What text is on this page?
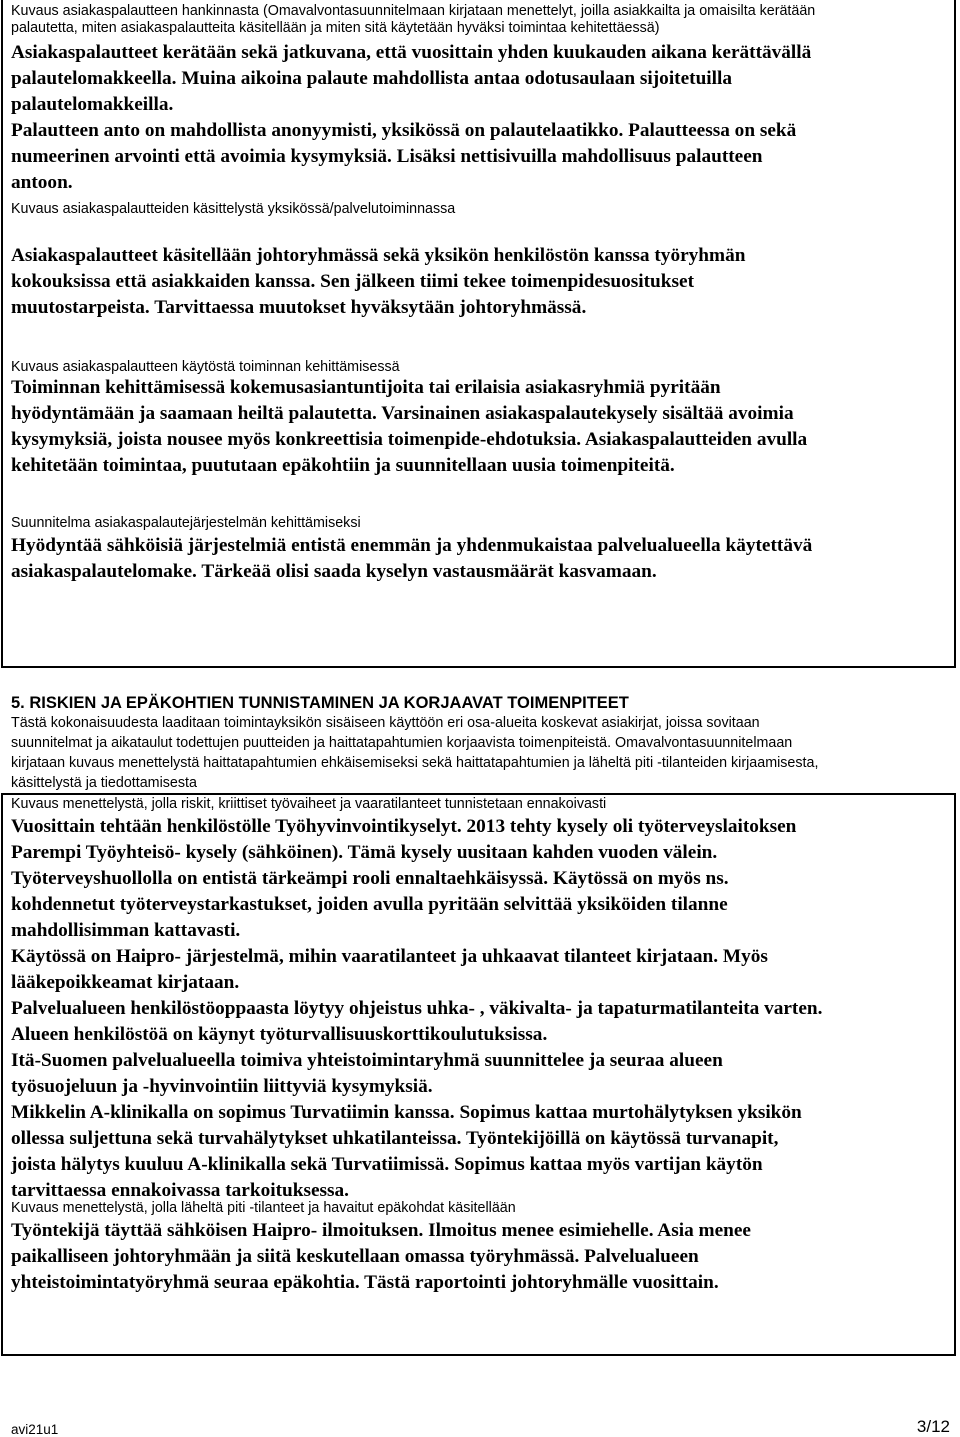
Kuvaus asiakaspalautteen hankinnasta (Omavalvontasuunnitelmaan kirjataan menettelyt, joilla asiakkailta ja omaisilta kerätään
palautetta, miten asiakaspalautteita käsitellään ja miten sitä käytetään hyväksi toimintaa kehitettäessä)
Asiakaspalautteet kerätään sekä jatkuvana, että vuosittain yhden kuukauden aikana kerättävällä
palautelomakkeella. Muina aikoina palaute mahdollista antaa odotusaulaan sijoitetuilla
palautelomakkeilla.
Palautteen anto on mahdollista anonyymisti, yksikössä on palautelaatikko. Palautteessa on sekä
numeerinen arvointi että avoimia kysymyksiä. Lisäksi nettisivuilla mahdollisuus palautteen
antoon.
Kuvaus asiakaspalautteiden käsittelystä yksikössä/palvelutoiminnassa
Asiakaspalautteet käsitellään johtoryhmässä sekä yksikön henkilöstön kanssa työryhmän
kokouksissa että asiakkaiden kanssa. Sen jälkeen tiimi tekee toimenpidesuositukset
muutostarpeista. Tarvittaessa muutokset hyväksytään johtoryhmässä.
Kuvaus asiakaspalautteen käytöstä toiminnan kehittämisessä
Toiminnan kehittämisessä kokemusasiantuntijoita tai erilaisia asiakasryhmiä pyritään
hyödyntämään ja saamaan heiltä palautetta. Varsinainen asiakaspalautekysely sisältää avoimia
kysymyksiä, joista nousee myös konkreettisia toimenpide-ehdotuksia. Asiakaspalautteiden avulla
kehitetään toimintaa, puututaan epäkohtiin ja suunnitellaan uusia toimenpiteitä.
Suunnitelma asiakaspalautejärjestelmän kehittämiseksi
Hyödyntää sähköisiä järjestelmiä entistä enemmän ja yhdenmukaistaa palvelualueella käytettävä
asiakaspalautelomake. Tärkeää olisi saada kyselyn vastausmäärät kasvamaan.
5. RISKIEN JA EPÄKOHTIEN TUNNISTAMINEN JA KORJAAVAT TOIMENPITEET
Tästä kokonaisuudesta laaditaan toimintayksikön sisäiseen käyttöön eri osa-alueita koskevat asiakirjat, joissa sovitaan
suunnitelmat ja aikataulut todettujen puutteiden ja haittatapahtumien korjaavista toimenpiteistä. Omavalvontasuunnitelmaan
kirjataan kuvaus menettelystä haittatapahtumien ehkäisemiseksi sekä haittatapahtumien ja läheltä piti -tilanteiden kirjaamisesta,
käsittelystä ja tiedottamisesta
Kuvaus menettelystä, jolla riskit, kriittiset työvaiheet ja vaaratilanteet tunnistetaan ennakoivasti
Vuosittain tehtään henkilöstölle Työhyvinvointikyselyt. 2013 tehty kysely oli työterveyslaitoksen
Parempi Työyhteisö- kysely (sähköinen). Tämä kysely uusitaan kahden vuoden välein.
Työterveyshuollolla on entistä tärkeämpi rooli ennaltaehkäisyssä. Käytössä on myös ns.
kohdennetut työterveystarkastukset, joiden avulla pyritään selvittää yksiköiden tilanne
mahdollisimman kattavasti.
Käytössä on Haipro- järjestelmä, mihin vaaratilanteet ja uhkaavat tilanteet kirjataan. Myös
lääkepoikkeamat kirjataan.
Palvelualueen henkilöstöoppaasta löytyy ohjeistus uhka- , väkivalta- ja tapaturmatilanteita varten.
Alueen henkilöstöä on käynyt työturvallisuuskorttikoulutuksissa.
Itä-Suomen palvelualueella toimiva yhteistoimintaryhmä suunnittelee ja seuraa alueen
työsuojeluun ja -hyvinvointiin liittyviä kysymyksiä.
Mikkelin A-klinikalla on sopimus Turvatiimin kanssa. Sopimus kattaa murtohälytyksen yksikön
ollessa suljettuna sekä turvahälytykset uhkatilanteissa. Työntekijöillä on käytössä turvanapit,
joista hälytys kuuluu A-klinikalla sekä Turvatiimissä. Sopimus kattaa myös vartijan käytön
tarvittaessa ennakoivassa tarkoituksessa.
Kuvaus menettelystä, jolla läheltä piti -tilanteet ja havaitut epäkohdat käsitellään
Työntekijä täyttää sähköisen Haipro- ilmoituksen. Ilmoitus menee esimiehelle. Asia menee
paikalliseen johtoryhmään ja siitä keskutellaan omassa työryhmässä. Palvelualueen
yhteistoimintatyöryhmä seuraa epäkohtia. Tästä raportointi johtoryhmälle vuosittain.
avi21u1	3/12
